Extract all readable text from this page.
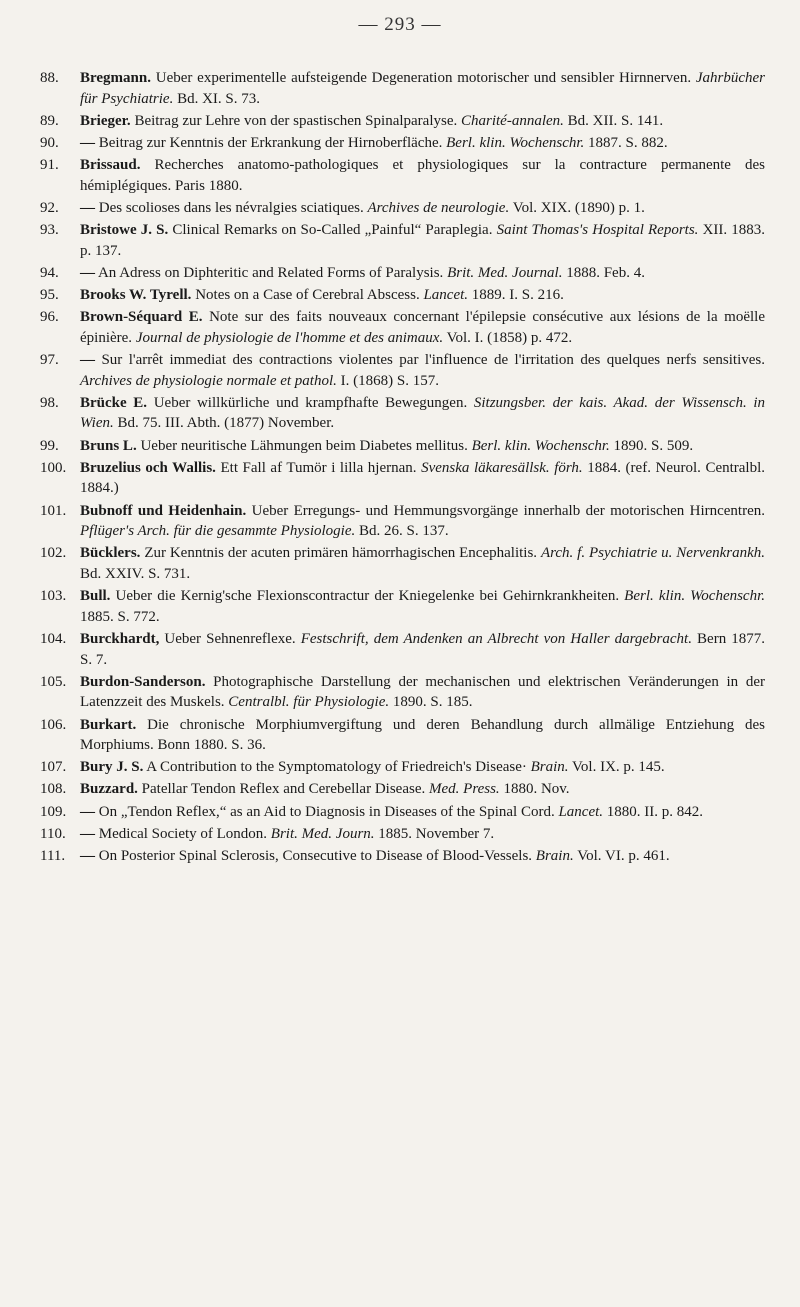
— 293 —
88.	Bregmann. Ueber experimentelle aufsteigende Degeneration motorischer und sensibler Hirnnerven. Jahrbücher für Psychiatrie. Bd. XI. S. 73.
89.	Brieger. Beitrag zur Lehre von der spastischen Spinalparalyse. Charité-annalen. Bd. XII. S. 141.
90.	— Beitrag zur Kenntnis der Erkrankung der Hirnoberfläche. Berl. klin. Wochenschr. 1887. S. 882.
91.	Brissaud. Recherches anatomo-pathologiques et physiologiques sur la contracture permanente des hémiplégiques. Paris 1880.
92.	— Des scolioses dans les névralgies sciatiques. Archives de neurologie. Vol. XIX. (1890) p. 1.
93.	Bristowe J. S. Clinical Remarks on So-Called „Painful“ Paraplegia. Saint Thomas's Hospital Reports. XII. 1883. p. 137.
94.	— An Adress on Diphteritic and Related Forms of Paralysis. Brit. Med. Journal. 1888. Feb. 4.
95.	Brooks W. Tyrell. Notes on a Case of Cerebral Abscess. Lancet. 1889. I. S. 216.
96.	Brown-Séquard E. Note sur des faits nouveaux concernant l'épilepsie consécutive aux lésions de la moëlle épinière. Journal de physiologie de l'homme et des animaux. Vol. I. (1858) p. 472.
97.	— Sur l'arrêt immediat des contractions violentes par l'influence de l'irritation des quelques nerfs sensitives. Archives de physiologie normale et pathol. I. (1868) S. 157.
98.	Brücke E. Ueber willkürliche und krampfhafte Bewegungen. Sitzungsber. der kais. Akad. der Wissensch. in Wien. Bd. 75. III. Abth. (1877) November.
99.	Bruns L. Ueber neuritische Lähmungen beim Diabetes mellitus. Berl. klin. Wochenschr. 1890. S. 509.
100. Bruzelius och Wallis. Ett Fall af Tumör i lilla hjernan. Svenska läkaresällsk. förh. 1884. (ref. Neurol. Centralbl. 1884.)
101. Bubnoff und Heidenhain. Ueber Erregungs- und Hemmungsvorgänge innerhalb der motorischen Hirncentren. Pflüger's Arch. für die gesammte Physiologie. Bd. 26. S. 137.
102. Bücklers. Zur Kenntnis der acuten primären hämorrhagischen Encephalitis. Arch. f. Psychiatrie u. Nervenkrankh. Bd. XXIV. S. 731.
103. Bull. Ueber die Kernig'sche Flexionscontractur der Kniegelenke bei Gehirnkrankheiten. Berl. klin. Wochenschr. 1885. S. 772.
104. Burckhardt, Ueber Sehnenreflexe. Festschrift, dem Andenken an Albrecht von Haller dargebracht. Bern 1877. S. 7.
105. Burdon-Sanderson. Photographische Darstellung der mechanischen und elektrischen Veränderungen in der Latenzzeit des Muskels. Centralbl. für Physiologie. 1890. S. 185.
106. Burkart. Die chronische Morphiumvergiftung und deren Behandlung durch allmälige Entziehung des Morphiums. Bonn 1880. S. 36.
107. Bury J. S. A Contribution to the Symptomatology of Friedreich's Disease· Brain. Vol. IX. p. 145.
108. Buzzard. Patellar Tendon Reflex and Cerebellar Disease. Med. Press. 1880. Nov.
109. — On „Tendon Reflex,“ as an Aid to Diagnosis in Diseases of the Spinal Cord. Lancet. 1880. II. p. 842.
110. — Medical Society of London. Brit. Med. Journ. 1885. November 7.
111. — On Posterior Spinal Sclerosis, Consecutive to Disease of Blood-Vessels. Brain. Vol. VI. p. 461.
